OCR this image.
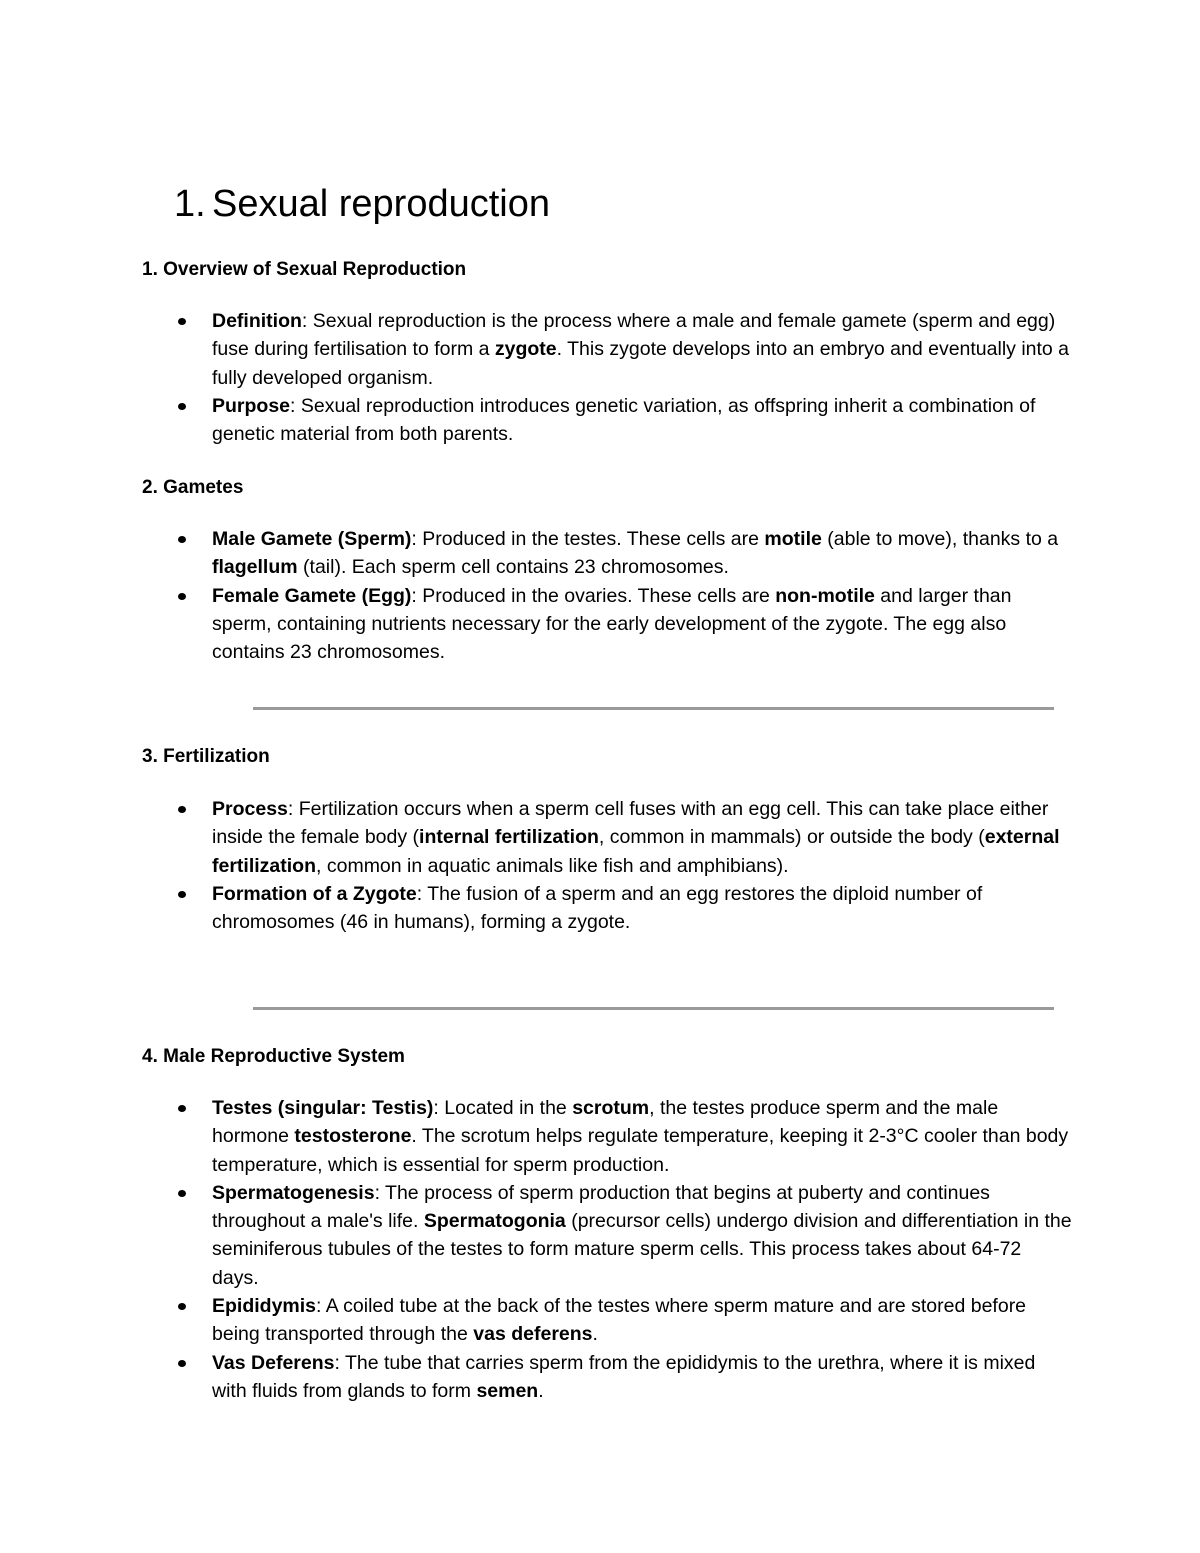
1. Sexual reproduction
1. Overview of Sexual Reproduction
Definition: Sexual reproduction is the process where a male and female gamete (sperm and egg) fuse during fertilisation to form a zygote. This zygote develops into an embryo and eventually into a fully developed organism.
Purpose: Sexual reproduction introduces genetic variation, as offspring inherit a combination of genetic material from both parents.
2. Gametes
Male Gamete (Sperm): Produced in the testes. These cells are motile (able to move), thanks to a flagellum (tail). Each sperm cell contains 23 chromosomes.
Female Gamete (Egg): Produced in the ovaries. These cells are non-motile and larger than sperm, containing nutrients necessary for the early development of the zygote. The egg also contains 23 chromosomes.
3. Fertilization
Process: Fertilization occurs when a sperm cell fuses with an egg cell. This can take place either inside the female body (internal fertilization, common in mammals) or outside the body (external fertilization, common in aquatic animals like fish and amphibians).
Formation of a Zygote: The fusion of a sperm and an egg restores the diploid number of chromosomes (46 in humans), forming a zygote.
4. Male Reproductive System
Testes (singular: Testis): Located in the scrotum, the testes produce sperm and the male hormone testosterone. The scrotum helps regulate temperature, keeping it 2-3°C cooler than body temperature, which is essential for sperm production.
Spermatogenesis: The process of sperm production that begins at puberty and continues throughout a male's life. Spermatogonia (precursor cells) undergo division and differentiation in the seminiferous tubules of the testes to form mature sperm cells. This process takes about 64-72 days.
Epididymis: A coiled tube at the back of the testes where sperm mature and are stored before being transported through the vas deferens.
Vas Deferens: The tube that carries sperm from the epididymis to the urethra, where it is mixed with fluids from glands to form semen.
